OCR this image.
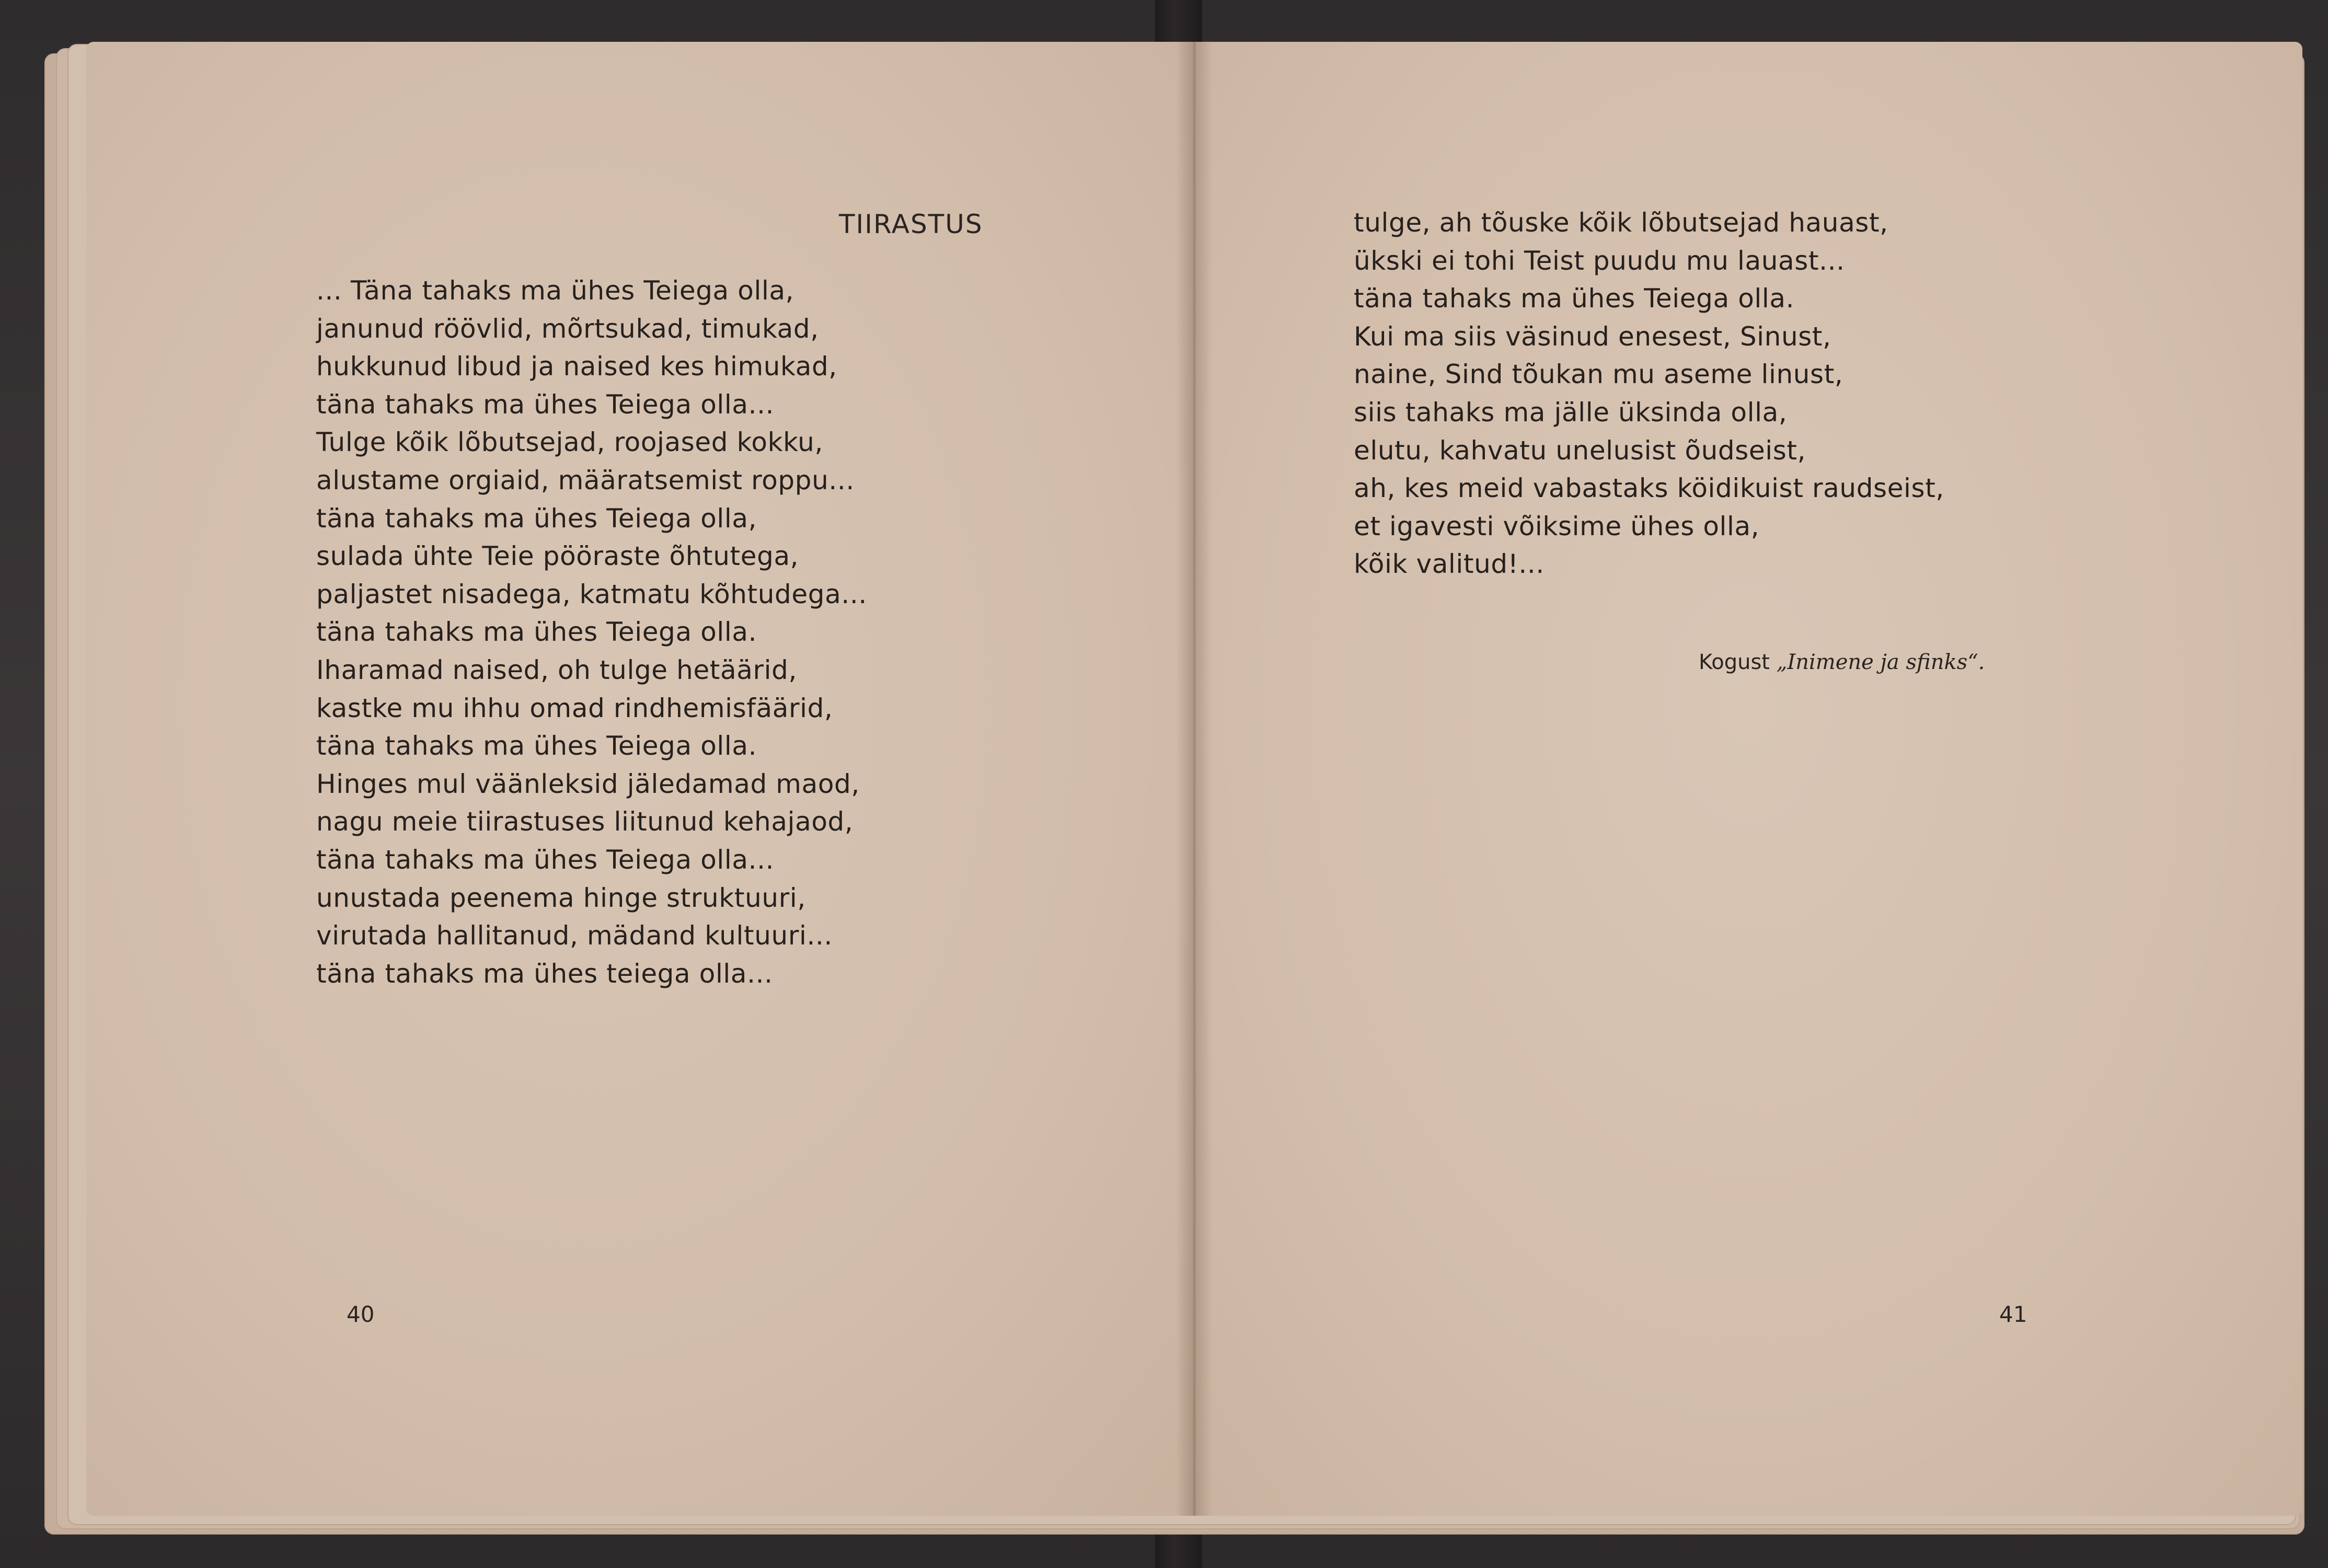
TIIRASTUS
... Täna tahaks ma ühes Teiega olla,
janunud röövlid, mõrtsukad, timukad,
hukkunud libud ja naised kes himukad,
täna tahaks ma ühes Teiega olla...
Tulge kõik lõbutsejad, roojased kokku,
alustame orgiaid, määratsemist roppu...
täna tahaks ma ühes Teiega olla,
sulada ühte Teie pööraste õhtutega,
paljastet nisadega, katmatu kõhtudega...
täna tahaks ma ühes Teiega olla.
Iharamad naised, oh tulge hetäärid,
kastke mu ihhu omad rindhemisfäärid,
täna tahaks ma ühes Teiega olla.
Hinges mul väänleksid jäledamad maod,
nagu meie tiirastuses liitunud kehajaod,
täna tahaks ma ühes Teiega olla...
unustada peenema hinge struktuuri,
virutada hallitanud, mädand kultuuri...
täna tahaks ma ühes teiega olla...
tulge, ah tõuske kõik lõbutsejad hauast,
ükski ei tohi Teist puudu mu lauast...
täna tahaks ma ühes Teiega olla.
Kui ma siis väsinud enesest, Sinust,
naine, Sind tõukan mu aseme linust,
siis tahaks ma jälle üksinda olla,
elutu, kahvatu unelusist õudseist,
ah, kes meid vabastaks köidikuist raudseist,
et igavesti võiksime ühes olla,
kõik valitud!...
Kogust „Inimene ja sfinks“.
40	41
